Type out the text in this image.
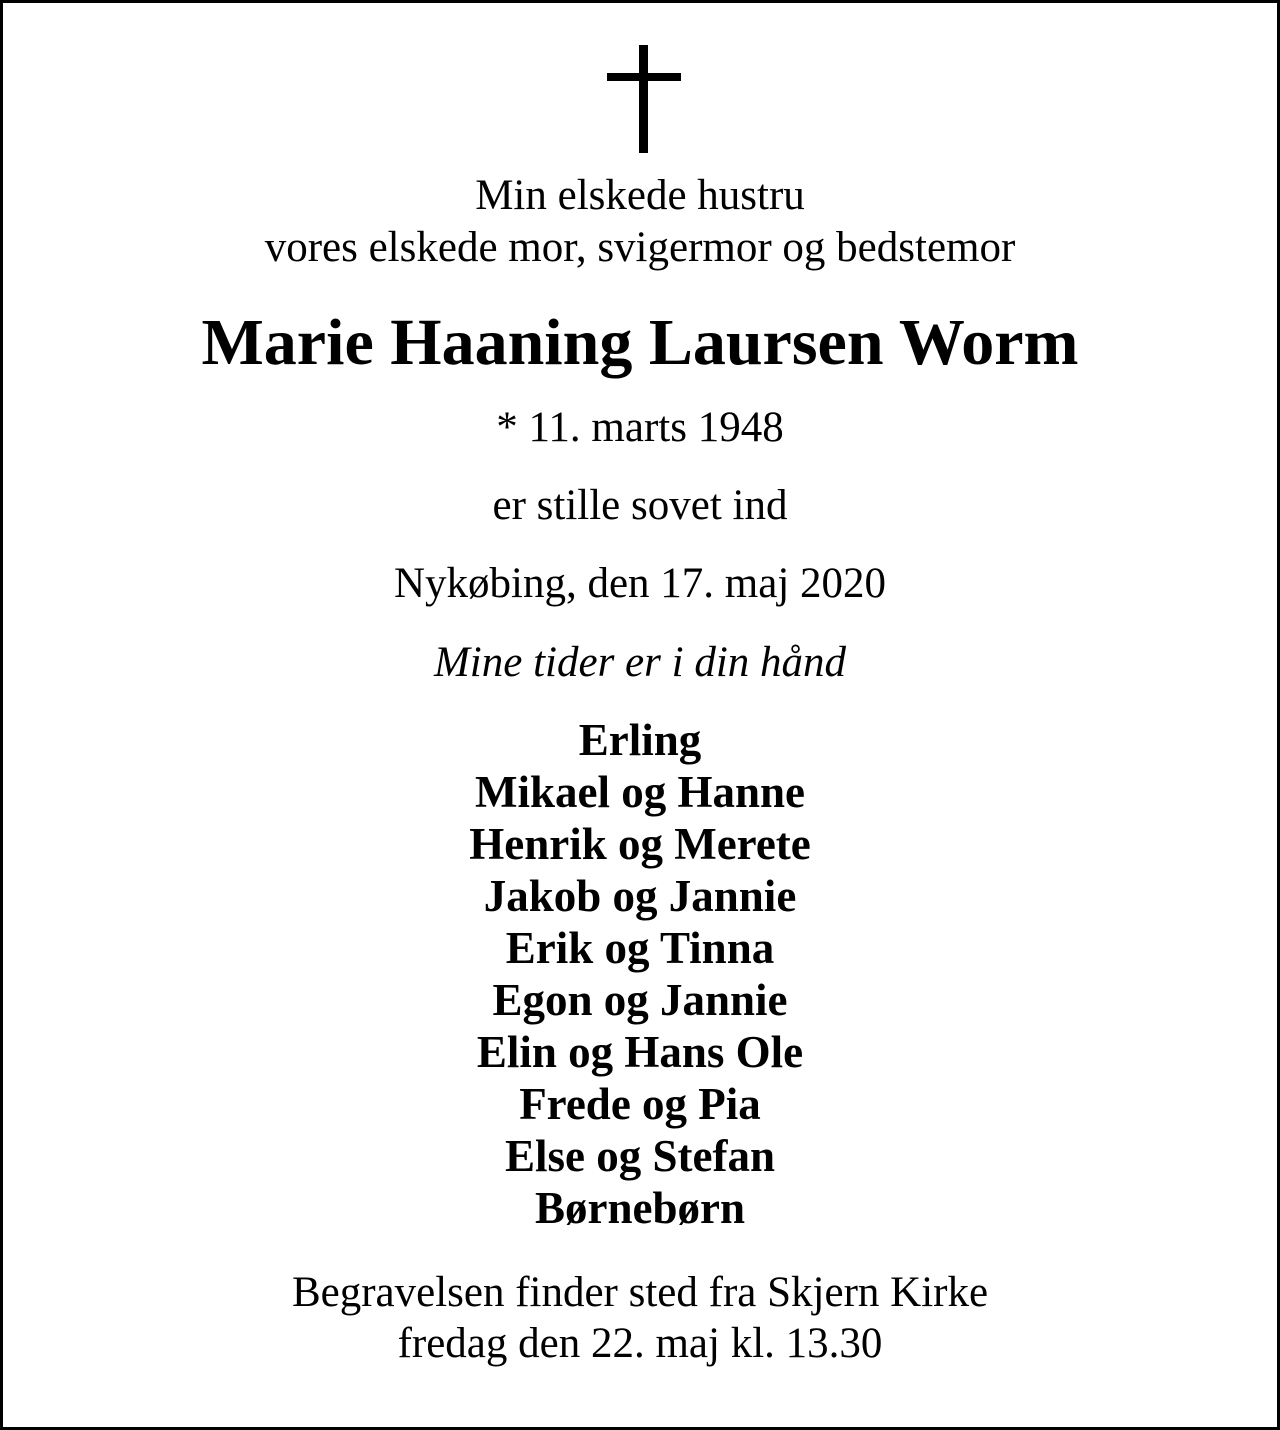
Min elskede hustru
vores elskede mor, svigermor og bedstemor
Marie Haaning Laursen Worm
* 11. marts 1948
er stille sovet ind
Nykøbing, den 17. maj 2020
Mine tider er i din hånd
Erling
Mikael og Hanne
Henrik og Merete
Jakob og Jannie
Erik og Tinna
Egon og Jannie
Elin og Hans Ole
Frede og Pia
Else og Stefan
Børnebørn
Begravelsen finder sted fra Skjern Kirke
fredag den 22. maj kl. 13.30
